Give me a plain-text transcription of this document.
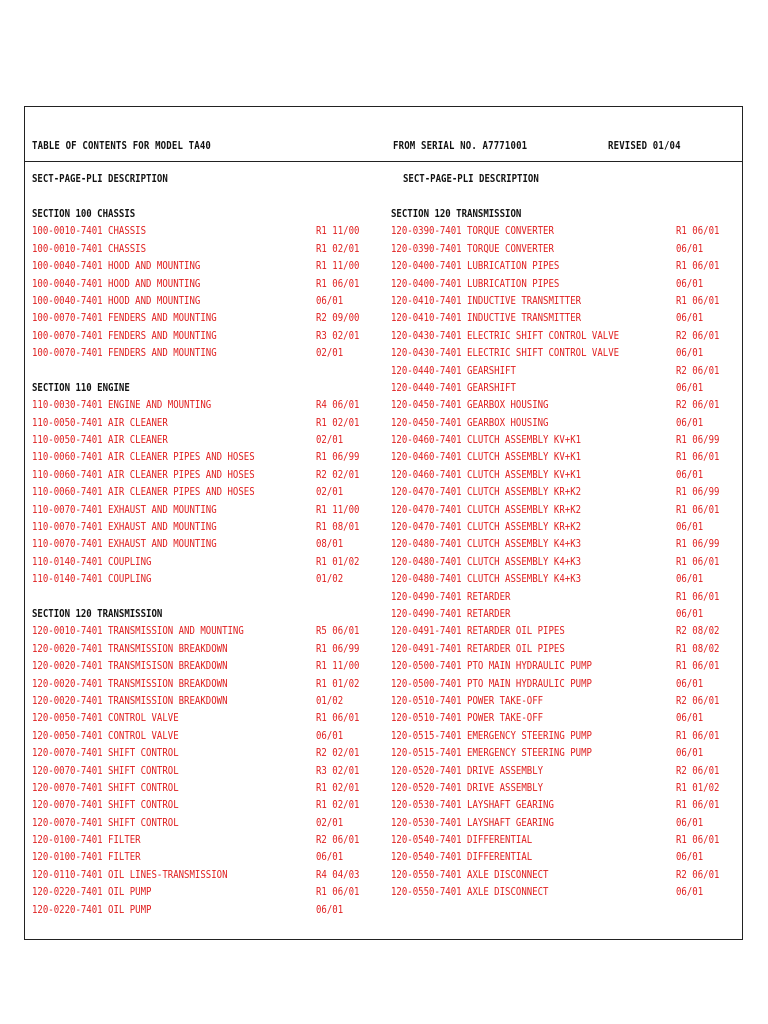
TABLE OF CONTENTS FOR MODEL TA40	FROM SERIAL NO. A7771001	REVISED 01/04
SECT-PAGE-PLI DESCRIPTION	SECT-PAGE-PLI DESCRIPTION
SECTION 100 CHASSIS
100-0010-7401 CHASSIS	R1 11/00
100-0010-7401 CHASSIS	R1 02/01
100-0040-7401 HOOD AND MOUNTING	R1 11/00
100-0040-7401 HOOD AND MOUNTING	R1 06/01
100-0040-7401 HOOD AND MOUNTING	06/01
100-0070-7401 FENDERS AND MOUNTING	R2 09/00
100-0070-7401 FENDERS AND MOUNTING	R3 02/01
100-0070-7401 FENDERS AND MOUNTING	02/01
SECTION 110 ENGINE
110-0030-7401 ENGINE AND MOUNTING	R4 06/01
110-0050-7401 AIR CLEANER	R1 02/01
110-0050-7401 AIR CLEANER	02/01
110-0060-7401 AIR CLEANER PIPES AND HOSES	R1 06/99
110-0060-7401 AIR CLEANER PIPES AND HOSES	R2 02/01
110-0060-7401 AIR CLEANER PIPES AND HOSES	02/01
110-0070-7401 EXHAUST AND MOUNTING	R1 11/00
110-0070-7401 EXHAUST AND MOUNTING	R1 08/01
110-0070-7401 EXHAUST AND MOUNTING	08/01
110-0140-7401 COUPLING	R1 01/02
110-0140-7401 COUPLING	01/02
SECTION 120 TRANSMISSION
120-0010-7401 TRANSMISSION AND MOUNTING	R5 06/01
120-0020-7401 TRANSMISSION BREAKDOWN	R1 06/99
120-0020-7401 TRANSMISISON BREAKDOWN	R1 11/00
120-0020-7401 TRANSMISSION BREAKDOWN	R1 01/02
120-0020-7401 TRANSMISSION BREAKDOWN	01/02
120-0050-7401 CONTROL VALVE	R1 06/01
120-0050-7401 CONTROL VALVE	06/01
120-0070-7401 SHIFT CONTROL	R2 02/01
120-0070-7401 SHIFT CONTROL	R3 02/01
120-0070-7401 SHIFT CONTROL	R1 02/01
120-0070-7401 SHIFT CONTROL	R1 02/01
120-0070-7401 SHIFT CONTROL	02/01
120-0100-7401 FILTER	R2 06/01
120-0100-7401 FILTER	06/01
120-0110-7401 OIL LINES-TRANSMISSION	R4 04/03
120-0220-7401 OIL PUMP	R1 06/01
120-0220-7401 OIL PUMP	06/01
SECTION 120 TRANSMISSION
120-0390-7401 TORQUE CONVERTER	R1 06/01
120-0390-7401 TORQUE CONVERTER	06/01
120-0400-7401 LUBRICATION PIPES	R1 06/01
120-0400-7401 LUBRICATION PIPES	06/01
120-0410-7401 INDUCTIVE TRANSMITTER	R1 06/01
120-0410-7401 INDUCTIVE TRANSMITTER	06/01
120-0430-7401 ELECTRIC SHIFT CONTROL VALVE	R2 06/01
120-0430-7401 ELECTRIC SHIFT CONTROL VALVE	06/01
120-0440-7401 GEARSHIFT	R2 06/01
120-0440-7401 GEARSHIFT	06/01
120-0450-7401 GEARBOX HOUSING	R2 06/01
120-0450-7401 GEARBOX HOUSING	06/01
120-0460-7401 CLUTCH ASSEMBLY KV+K1	R1 06/99
120-0460-7401 CLUTCH ASSEMBLY KV+K1	R1 06/01
120-0460-7401 CLUTCH ASSEMBLY KV+K1	06/01
120-0470-7401 CLUTCH ASSEMBLY KR+K2	R1 06/99
120-0470-7401 CLUTCH ASSEMBLY KR+K2	R1 06/01
120-0470-7401 CLUTCH ASSEMBLY KR+K2	06/01
120-0480-7401 CLUTCH ASSEMBLY K4+K3	R1 06/99
120-0480-7401 CLUTCH ASSEMBLY K4+K3	R1 06/01
120-0480-7401 CLUTCH ASSEMBLY K4+K3	06/01
120-0490-7401 RETARDER	R1 06/01
120-0490-7401 RETARDER	06/01
120-0491-7401 RETARDER OIL PIPES	R2 08/02
120-0491-7401 RETARDER OIL PIPES	R1 08/02
120-0500-7401 PTO MAIN HYDRAULIC PUMP	R1 06/01
120-0500-7401 PTO MAIN HYDRAULIC PUMP	06/01
120-0510-7401 POWER TAKE-OFF	R2 06/01
120-0510-7401 POWER TAKE-OFF	06/01
120-0515-7401 EMERGENCY STEERING PUMP	R1 06/01
120-0515-7401 EMERGENCY STEERING PUMP	06/01
120-0520-7401 DRIVE ASSEMBLY	R2 06/01
120-0520-7401 DRIVE ASSEMBLY	R1 01/02
120-0530-7401 LAYSHAFT GEARING	R1 06/01
120-0530-7401 LAYSHAFT GEARING	06/01
120-0540-7401 DIFFERENTIAL	R1 06/01
120-0540-7401 DIFFERENTIAL	06/01
120-0550-7401 AXLE DISCONNECT	R2 06/01
120-0550-7401 AXLE DISCONNECT	06/01
